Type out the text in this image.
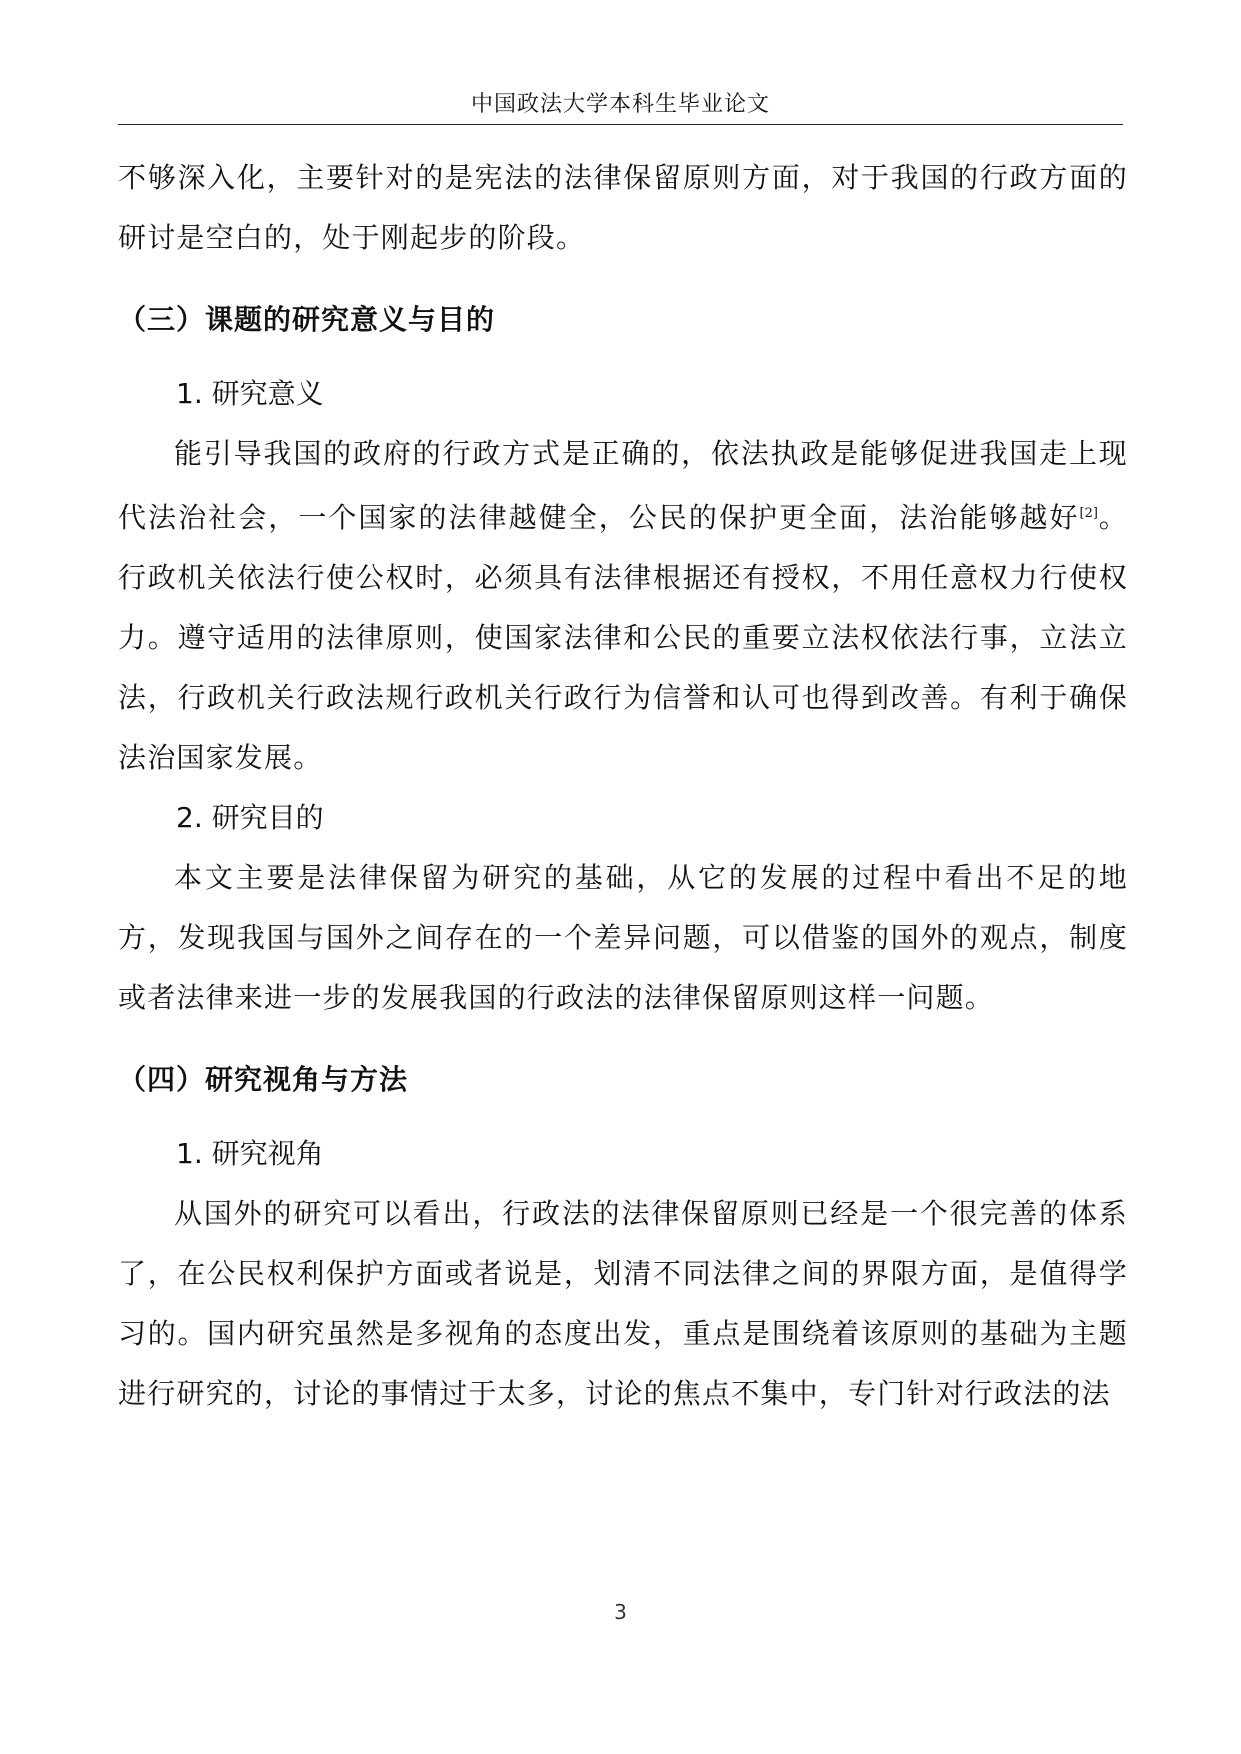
中国政法大学本科生毕业论文

不够深入化，主要针对的是宪法的法律保留原则方面，对于我国的行政方面的研讨是空白的，处于刚起步的阶段。

（三）课题的研究意义与目的

1. 研究意义

能引导我国的政府的行政方式是正确的，依法执政是能够促进我国走上现代法治社会，一个国家的法律越健全，公民的保护更全面，法治能够越好[2]。行政机关依法行使公权时，必须具有法律根据还有授权，不用任意权力行使权力。遵守适用的法律原则，使国家法律和公民的重要立法权依法行事，立法立法，行政机关行政法规行政机关行政行为信誉和认可也得到改善。有利于确保法治国家发展。

2. 研究目的

本文主要是法律保留为研究的基础，从它的发展的过程中看出不足的地方，发现我国与国外之间存在的一个差异问题，可以借鉴的国外的观点，制度或者法律来进一步的发展我国的行政法的法律保留原则这样一问题。

（四）研究视角与方法

1. 研究视角

从国外的研究可以看出，行政法的法律保留原则已经是一个很完善的体系了，在公民权利保护方面或者说是，划清不同法律之间的界限方面，是值得学习的。国内研究虽然是多视角的态度出发，重点是围绕着该原则的基础为主题进行研究的，讨论的事情过于太多，讨论的焦点不集中，专门针对行政法的法

3
